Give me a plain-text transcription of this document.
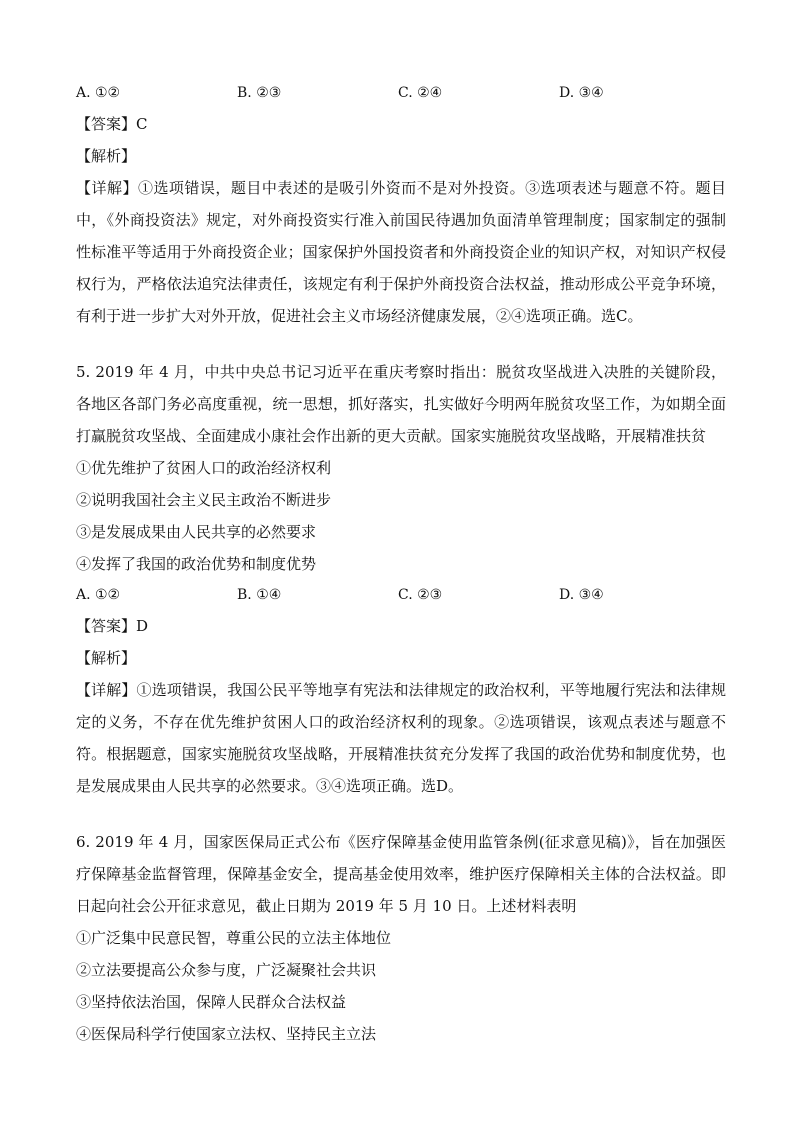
A. ①②	B. ②③	C. ②④	D. ③④
【答案】C
【解析】
【详解】①选项错误，题目中表述的是吸引外资而不是对外投资。③选项表述与题意不符。题目中，《外商投资法》规定，对外商投资实行准入前国民待遇加负面清单管理制度；国家制定的强制性标准平等适用于外商投资企业；国家保护外国投资者和外商投资企业的知识产权，对知识产权侵权行为，严格依法追究法律责任，该规定有利于保护外商投资合法权益，推动形成公平竞争环境，有利于进一步扩大对外开放，促进社会主义市场经济健康发展，②④选项正确。选C。
5. 2019 年 4 月，中共中央总书记习近平在重庆考察时指出：脱贫攻坚战进入决胜的关键阶段，各地区各部门务必高度重视，统一思想，抓好落实，扎实做好今明两年脱贫攻坚工作，为如期全面打赢脱贫攻坚战、全面建成小康社会作出新的更大贡献。国家实施脱贫攻坚战略，开展精准扶贫
①优先维护了贫困人口的政治经济权利
②说明我国社会主义民主政治不断进步
③是发展成果由人民共享的必然要求
④发挥了我国的政治优势和制度优势
A. ①②	B. ①④	C. ②③	D. ③④
【答案】D
【解析】
【详解】①选项错误，我国公民平等地享有宪法和法律规定的政治权利，平等地履行宪法和法律规定的义务，不存在优先维护贫困人口的政治经济权利的现象。②选项错误，该观点表述与题意不符。根据题意，国家实施脱贫攻坚战略，开展精准扶贫充分发挥了我国的政治优势和制度优势，也是发展成果由人民共享的必然要求。③④选项正确。选D。
6. 2019 年 4 月，国家医保局正式公布《医疗保障基金使用监管条例(征求意见稿)》，旨在加强医疗保障基金监督管理，保障基金安全，提高基金使用效率，维护医疗保障相关主体的合法权益。即日起向社会公开征求意见，截止日期为 2019 年 5 月 10 日。上述材料表明
①广泛集中民意民智，尊重公民的立法主体地位
②立法要提高公众参与度，广泛凝聚社会共识
③坚持依法治国，保障人民群众合法权益
④医保局科学行使国家立法权、坚持民主立法
